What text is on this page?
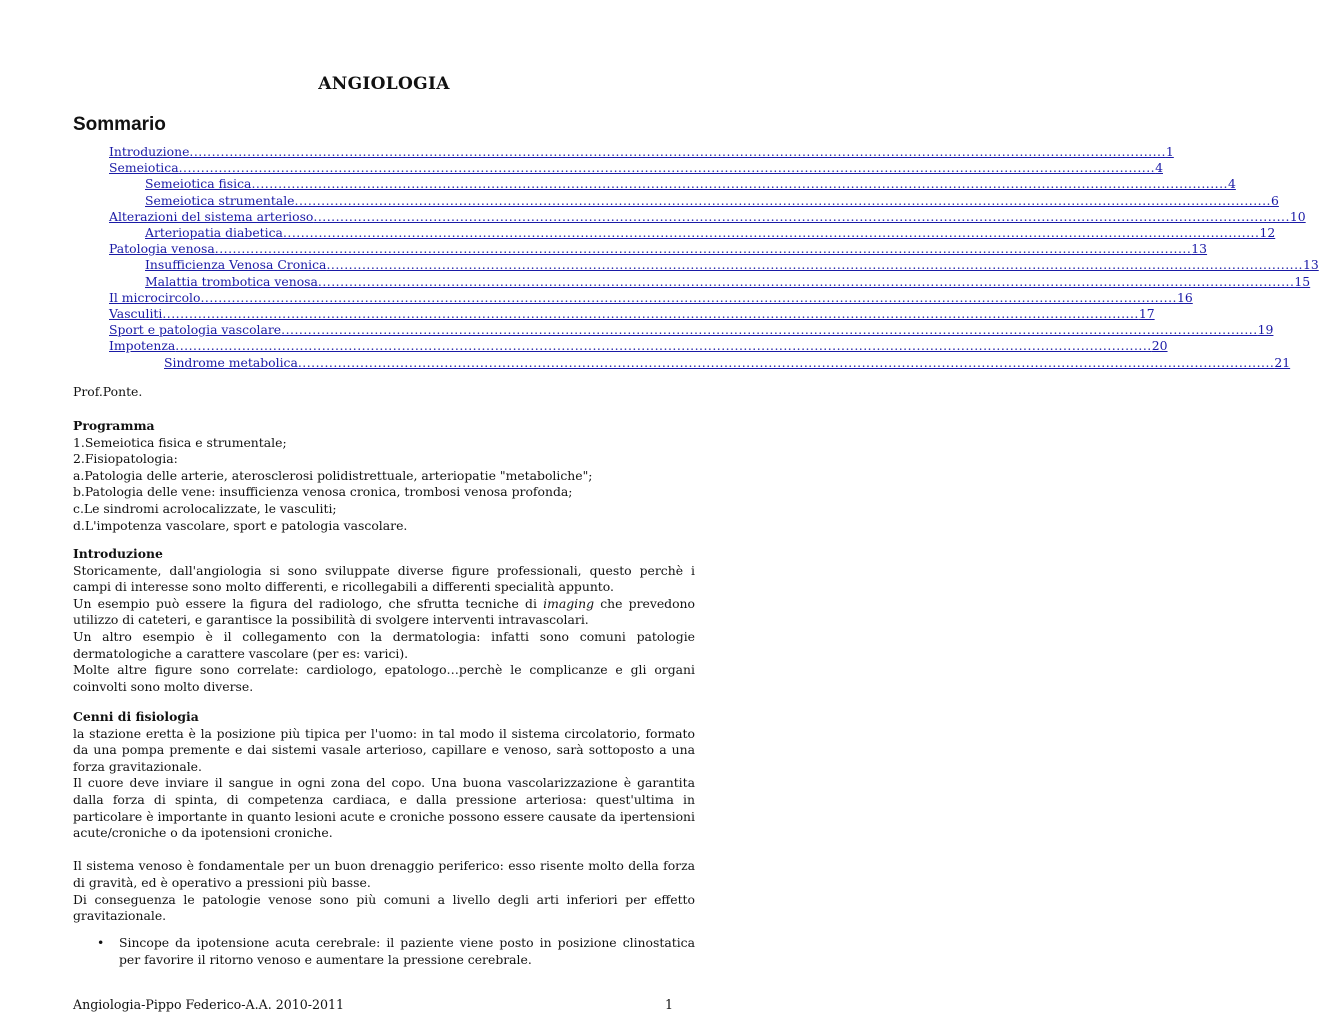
ANGIOLOGIA
Sommario
Introduzione ............................................................................................................................................................................................................................ 1
Semeiotica ............................................................................................................................................................................................................................ 4
Semeiotica fisica ............................................................................................................................................................................................................................ 4
Semeiotica strumentale ............................................................................................................................................................................................................................ 6
Alterazioni del sistema arterioso ............................................................................................................................................................................................................................ 10
Arteriopatia diabetica ............................................................................................................................................................................................................................ 12
Patologia venosa ............................................................................................................................................................................................................................ 13
Insufficienza Venosa Cronica ............................................................................................................................................................................................................................ 13
Malattia trombotica venosa ............................................................................................................................................................................................................................ 15
Il microcircolo ............................................................................................................................................................................................................................ 16
Vasculiti ............................................................................................................................................................................................................................ 17
Sport e patologia vascolare ............................................................................................................................................................................................................................ 19
Impotenza ............................................................................................................................................................................................................................ 20
Sindrome metabolica ............................................................................................................................................................................................................................ 21

Prof.Ponte.

Programma

1.Semeiotica fisica e strumentale;

2.Fisiopatologia:

a.Patologia delle arterie, aterosclerosi polidistrettuale, arteriopatie "metaboliche";

b.Patologia delle vene: insufficienza venosa cronica, trombosi venosa profonda;

c.Le sindromi acrolocalizzate, le vasculiti;

d.L'impotenza vascolare, sport e patologia vascolare.

Introduzione

Storicamente, dall'angiologia si sono sviluppate diverse figure professionali, questo perchè i campi di interesse sono molto differenti, e ricollegabili a differenti specialità appunto.

Un esempio può essere la figura del radiologo, che sfrutta tecniche di imaging che prevedono utilizzo di cateteri, e garantisce la possibilità di svolgere interventi intravascolari.

Un altro esempio è il collegamento con la dermatologia: infatti sono comuni patologie dermatologiche a carattere vascolare (per es: varici).

Molte altre figure sono correlate: cardiologo, epatologo…perchè le complicanze e gli organi coinvolti sono molto diverse.

Cenni di fisiologia

la stazione eretta è la posizione più tipica per l'uomo: in tal modo il sistema circolatorio, formato da una pompa premente e dai sistemi vasale arterioso, capillare e venoso, sarà sottoposto a una forza gravitazionale.

Il cuore deve inviare il sangue in ogni zona del copo. Una buona vascolarizzazione è garantita dalla forza di spinta, di competenza cardiaca, e dalla pressione arteriosa: quest'ultima in particolare è importante in quanto lesioni acute e croniche possono essere causate da ipertensioni acute/croniche o da ipotensioni croniche.

Il sistema venoso è fondamentale per un buon drenaggio periferico: esso risente molto della forza di gravità, ed è operativo a pressioni più basse.

Di conseguenza le patologie venose sono più comuni a livello degli arti inferiori per effetto gravitazionale.

• Sincope da ipotensione acuta cerebrale: il paziente viene posto in posizione clinostatica per favorire il ritorno venoso e aumentare la pressione cerebrale.
Angiologia-Pippo Federico-A.A. 2010-2011	1
